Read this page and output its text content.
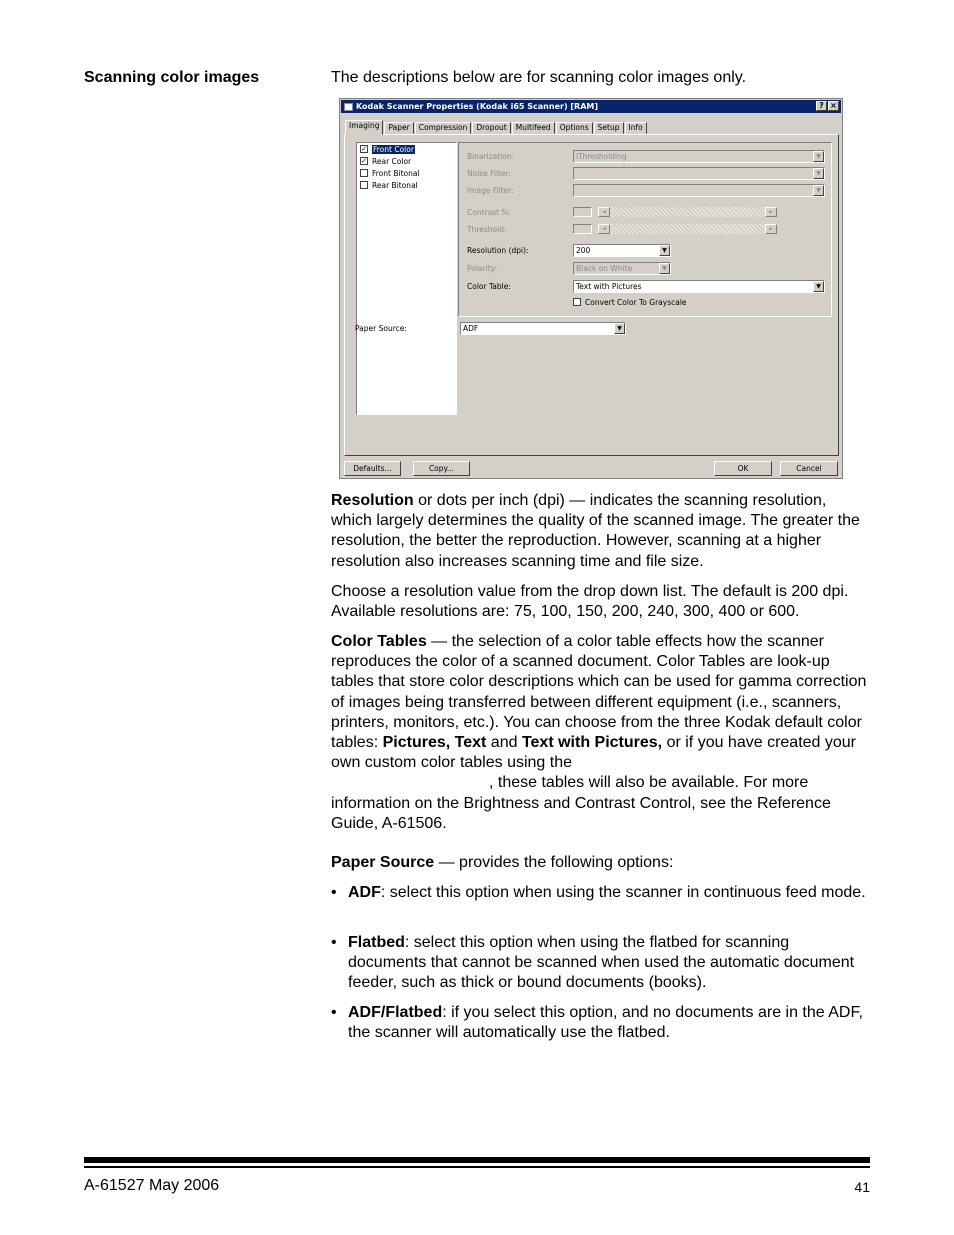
Scanning color images	The descriptions below are for scanning color images only.
Kodak Scanner Properties (Kodak i65 Scanner) [RAM]	? ×
Imaging	Paper	Compression	Dropout	Multifeed	Options	Setup	Info
✓ Front Color
✓ Rear Color
Front Bitonal
Rear Bitonal
Binarization:	iThresholding	▼
Noise Filter:	▼
Image Filter:	▼
Contrast %:	◄	►
Threshold:	◄	►
Resolution (dpi):	200	▼
Polarity:	Black on White	▼
Color Table:	Text with Pictures	▼
Convert Color To Grayscale
Paper Source:	ADF	▼
Defaults...	Copy...	OK	Cancel

Resolution or dots per inch (dpi) — indicates the scanning resolution, which largely determines the quality of the scanned image. The greater the resolution, the better the reproduction. However, scanning at a higher resolution also increases scanning time and file size.

Choose a resolution value from the drop down list. The default is 200 dpi. Available resolutions are: 75, 100, 150, 200, 240, 300, 400 or 600.

Color Tables — the selection of a color table effects how the scanner reproduces the color of a scanned document. Color Tables are look-up tables that store color descriptions which can be used for gamma correction of images being transferred between different equipment (i.e., scanners, printers, monitors, etc.). You can choose from the three Kodak default color tables: Pictures, Text and Text with Pictures, or if you have created your own custom color tables using the
, these tables will also be available. For more information on the Brightness and Contrast Control, see the Reference Guide, A-61506.

Paper Source — provides the following options:

• ADF: select this option when using the scanner in continuous feed mode.
• Flatbed: select this option when using the flatbed for scanning documents that cannot be scanned when used the automatic document feeder, such as thick or bound documents (books).
• ADF/Flatbed: if you select this option, and no documents are in the ADF, the scanner will automatically use the flatbed.
A-61527 May 2006	41
